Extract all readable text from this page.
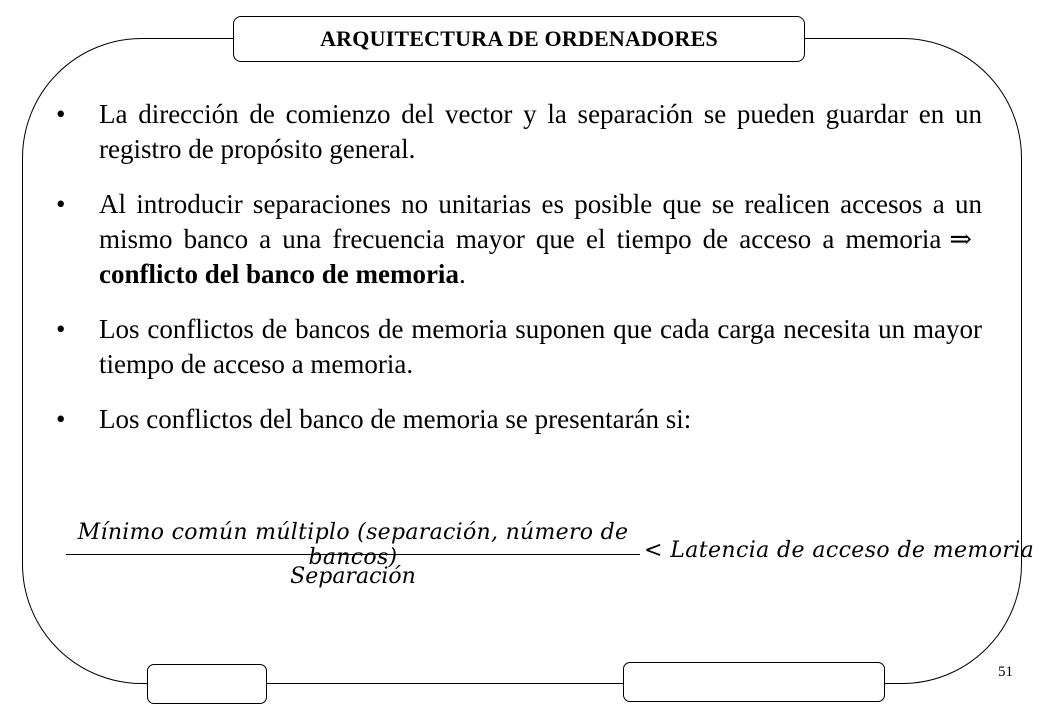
ARQUITECTURA DE ORDENADORES
• La dirección de comienzo del vector y la separación se pueden guardar en un registro de propósito general.
• Al introducir separaciones no unitarias es posible que se realicen accesos a un mismo banco a una frecuencia mayor que el tiempo de acceso a memoria ⇒conflicto del banco de memoria.
• Los conflictos de bancos de memoria suponen que cada carga necesita un mayor tiempo de acceso a memoria.
• Los conflictos del banco de memoria se presentarán si:
Mínimo común múltiplo (separación, número de bancos)
Separación
< Latencia de acceso de memoria
51
